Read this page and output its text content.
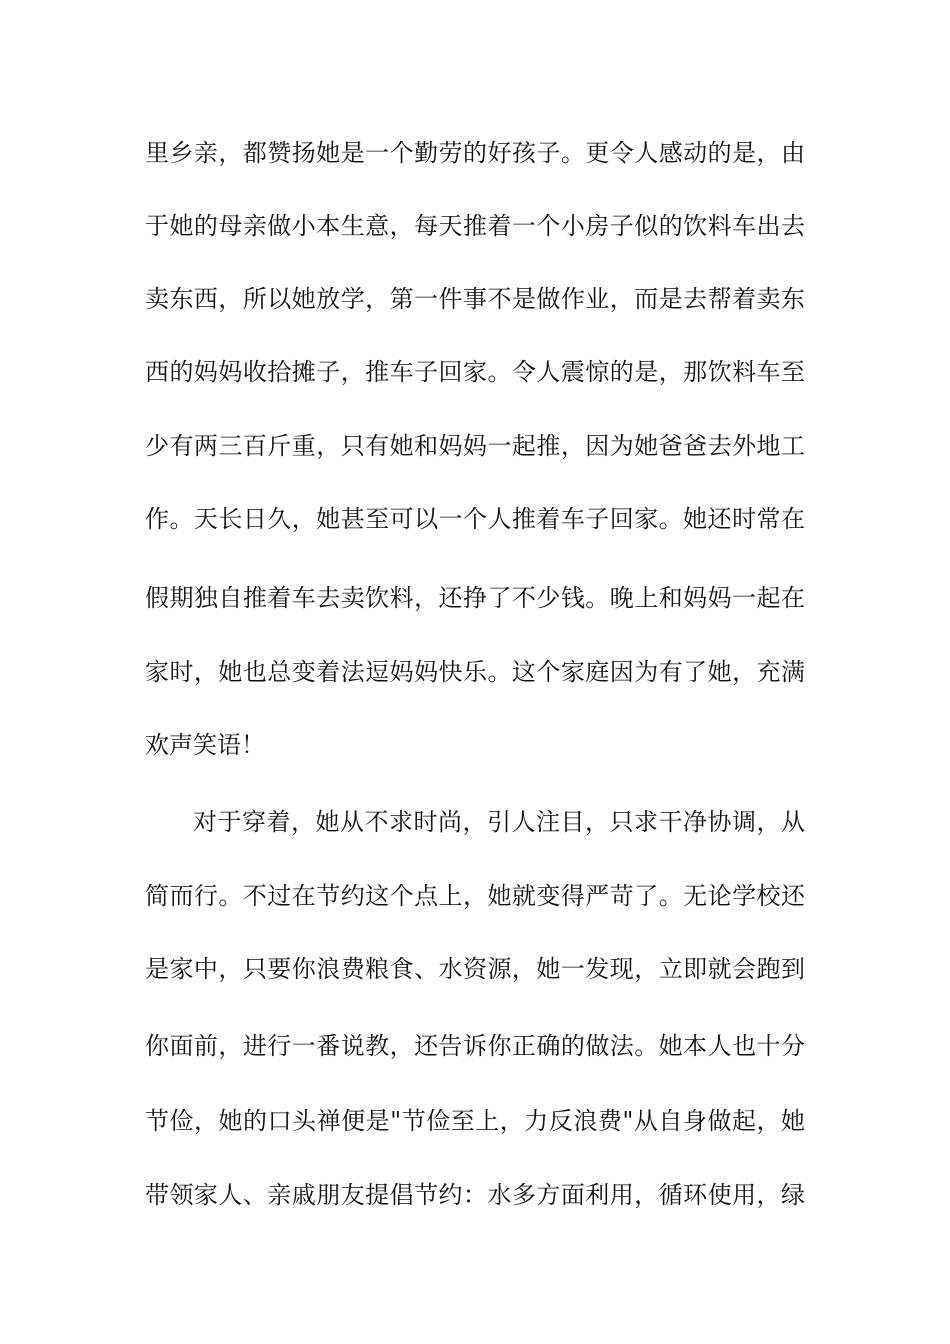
里乡亲，都赞扬她是一个勤劳的好孩子。更令人感动的是，由
于她的母亲做小本生意，每天推着一个小房子似的饮料车出去
卖东西，所以她放学，第一件事不是做作业，而是去帮着卖东
西的妈妈收拾摊子，推车子回家。令人震惊的是，那饮料车至
少有两三百斤重，只有她和妈妈一起推，因为她爸爸去外地工
作。天长日久，她甚至可以一个人推着车子回家。她还时常在
假期独自推着车去卖饮料，还挣了不少钱。晚上和妈妈一起在
家时，她也总变着法逗妈妈快乐。这个家庭因为有了她，充满
欢声笑语！
对于穿着，她从不求时尚，引人注目，只求干净协调，从
简而行。不过在节约这个点上，她就变得严苛了。无论学校还
是家中，只要你浪费粮食、水资源，她一发现，立即就会跑到
你面前，进行一番说教，还告诉你正确的做法。她本人也十分
节俭，她的口头禅便是"节俭至上，力反浪费"从自身做起，她
带领家人、亲戚朋友提倡节约：水多方面利用，循环使用，绿
